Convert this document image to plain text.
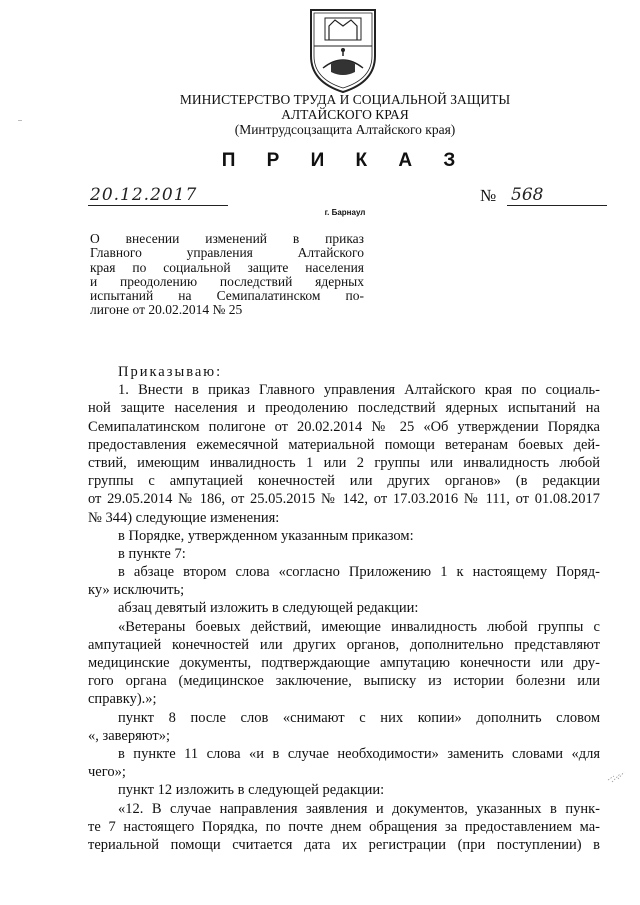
МИНИСТЕРСТВО ТРУДА И СОЦИАЛЬНОЙ ЗАЩИТЫ
АЛТАЙСКОГО КРАЯ
(Минтрудсоцзащита Алтайского края)
П Р И К А З
20.12.2017	№ 568
г. Барнаул
О внесении изменений в приказ
Главного управления Алтайского
края по социальной защите населения
и преодолению последствий ядерных
испытаний на Семипалатинском по-
лигоне от 20.02.2014 № 25
Приказываю:
1. Внести в приказ Главного управления Алтайского края по социаль-
ной защите населения и преодолению последствий ядерных испытаний на
Семипалатинском полигоне от 20.02.2014 № 25 «Об утверждении Порядка
предоставления ежемесячной материальной помощи ветеранам боевых дей-
ствий, имеющим инвалидность 1 или 2 группы или инвалидность любой
группы с ампутацией конечностей или других органов» (в редакции
от 29.05.2014 № 186, от 25.05.2015 № 142, от 17.03.2016 № 111, от 01.08.2017
№ 344) следующие изменения:
в Порядке, утвержденном указанным приказом:
в пункте 7:
в абзаце втором слова «согласно Приложению 1 к настоящему Поряд-
ку» исключить;
абзац девятый изложить в следующей редакции:
«Ветераны боевых действий, имеющие инвалидность любой группы с
ампутацией конечностей или других органов, дополнительно представляют
медицинские документы, подтверждающие ампутацию конечности или дру-
гого органа (медицинское заключение, выписку из истории болезни или
справку).»;
пункт 8 после слов «снимают с них копии» дополнить словом
«, заверяют»;
в пункте 11 слова «и в случае необходимости» заменить словами «для
чего»;
пункт 12 изложить в следующей редакции:
«12. В случае направления заявления и документов, указанных в пунк-
те 7 настоящего Порядка, по почте днем обращения за предоставлением ма-
териальной помощи считается дата их регистрации (при поступлении) в
